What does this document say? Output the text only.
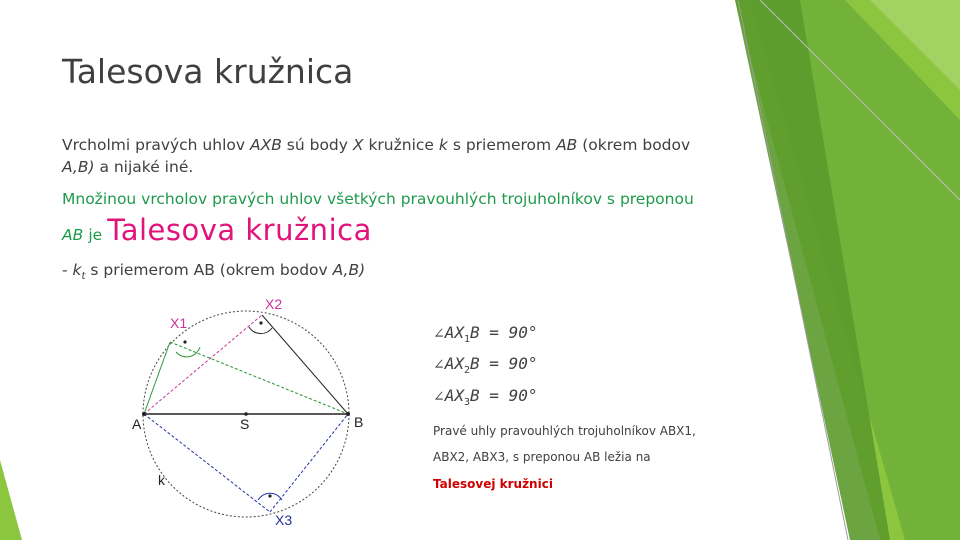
Talesova kružnica
Vrcholmi pravých uhlov AXB sú body X kružnice k s priemerom AB (okrem bodov
A,B) a nijaké iné.
Množinou vrcholov pravých uhlov všetkých pravouhlých trojuholníkov s preponou
AB je Talesova kružnica
- $k_t$ s priemerom AB (okrem bodov A,B)
A	B
S
k
X1
X2
X3
$\angle AX_1B = 90^\circ$
$\angle AX_2B = 90^\circ$
$\angle AX_3B = 90^\circ$
Pravé uhly pravouhlých trojuholníkov ABX1,
ABX2, ABX3, s preponou AB ležia na
Talesovej kružnici
